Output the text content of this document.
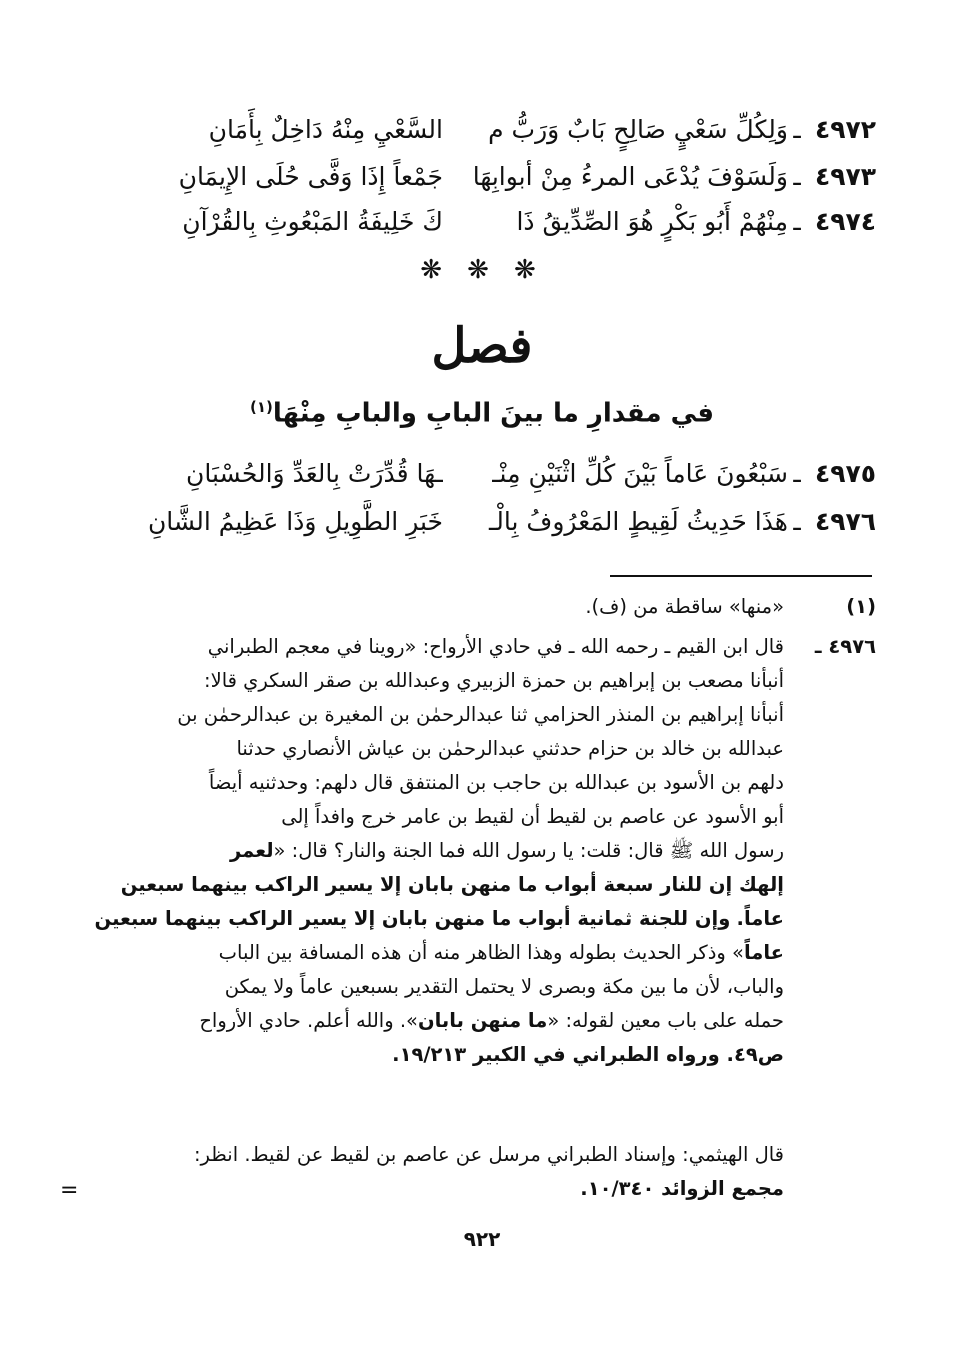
٤٩٧٢
ـ
وَلِكُلِّ سَعْيٍ صَالِحٍ بَابٌ وَرَبُّ م
السَّعْيِ مِنْهُ دَاخِلٌ بِأَمَانِ
٤٩٧٣
ـ
وَلَسَوْفَ يُدْعَى المرءُ مِنْ أبوابِهَا
جَمْعاً إِذَا وَفَّى حُلَى الإِيمَانِ
٤٩٧٤
ـ
مِنْهُمْ أَبُو بَكْرٍ هُوَ الصِّدِّيقُ ذَا
كَ خَلِيفَةُ المَبْعُوثِ بِالقُرْآنِ
❋ ❋ ❋
فصل
في مقدارِ ما بينَ البابِ والبابِ مِنْهَا$^{(١)}$
٤٩٧٥
ـ
سَبْعُونَ عَاماً بَيْنَ كُلِّ اثْنَيْنِ مِنْـ
ـهَا قُدِّرَتْ بِالعَدِّ وَالحُسْبَانِ
٤٩٧٦
ـ
هَذَا حَدِيثُ لَقِيطٍ المَعْرُوفُ بِالْـ
خَبَرِ الطَّوِيلِ وَذَا عَظِيمُ الشَّانِ
(١)
«منها» ساقطة من (ف).
٤٩٧٦ ـ
قال ابن القيم ـ رحمه الله ـ في حادي الأرواح: «روينا في معجم الطبراني
أنبأنا مصعب بن إبراهيم بن حمزة الزبيري وعبدالله بن صقر السكري قالا:
أنبأنا إبراهيم بن المنذر الحزامي ثنا عبدالرحمٰن بن المغيرة بن عبدالرحمٰن بن
عبدالله بن خالد بن حزام حدثني عبدالرحمٰن بن عياش الأنصاري حدثنا
دلهم بن الأسود بن عبدالله بن حاجب بن المنتفق قال دلهم: وحدثنيه أيضاً
أبو الأسود عن عاصم بن لقيط أن لقيط بن عامر خرج وافداً إلى
رسول الله ﷺ قال: قلت: يا رسول الله فما الجنة والنار؟ قال: «لعمر
إلهك إن للنار سبعة أبواب ما منهن بابان إلا يسير الراكب بينهما سبعين
عاماً. وإن للجنة ثمانية أبواب ما منهن بابان إلا يسير الراكب بينهما سبعين
عاماً» وذكر الحديث بطوله وهذا الظاهر منه أن هذه المسافة بين الباب
والباب، لأن ما بين مكة وبصرى لا يحتمل التقدير بسبعين عاماً ولا يمكن
حمله على باب معين لقوله: «ما منهن بابان». والله أعلم. حادي الأرواح
ص٤٩. ورواه الطبراني في الكبير ١٩/٢١٣.
قال الهيثمي: وإسناد الطبراني مرسل عن عاصم بن لقيط عن لقيط. انظر:
مجمع الزوائد ١٠/٣٤٠.
=
٩٢٢
